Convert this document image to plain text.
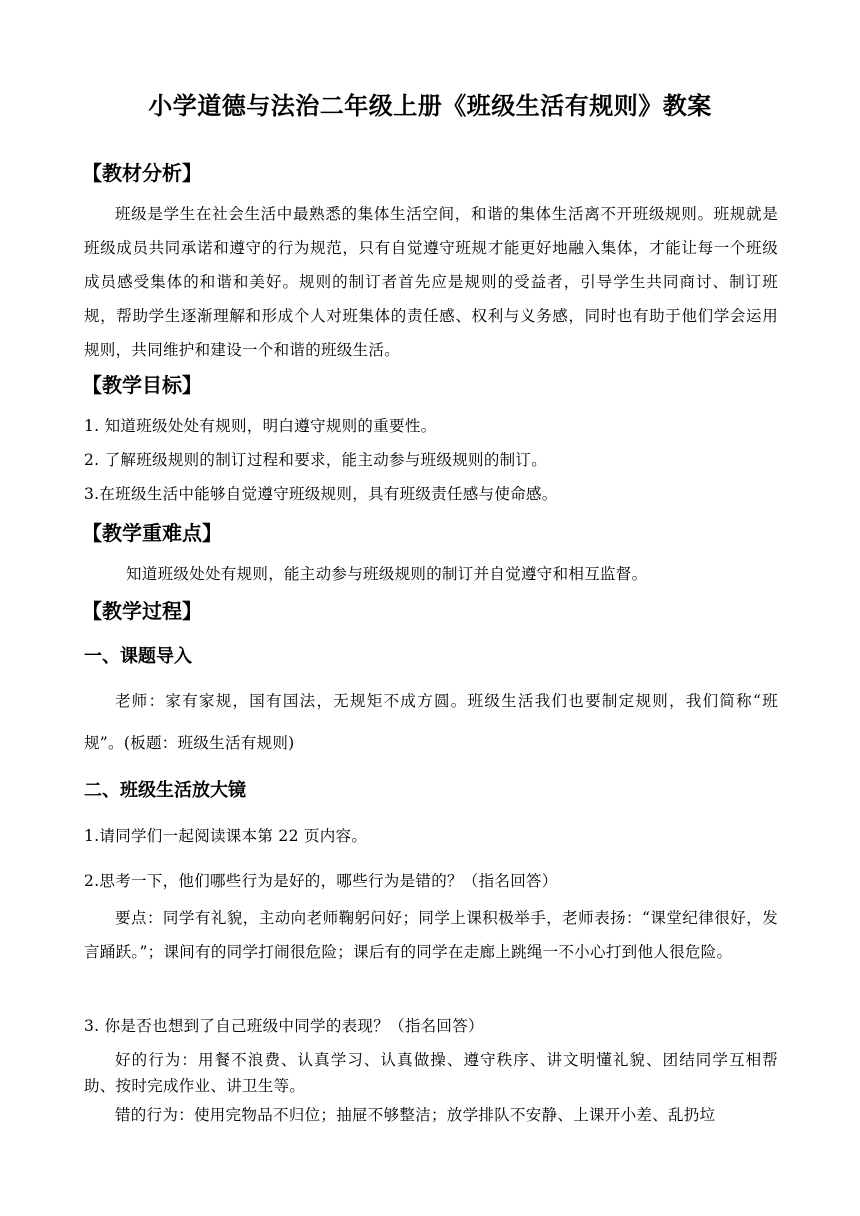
小学道德与法治二年级上册《班级生活有规则》教案
【教材分析】
班级是学生在社会生活中最熟悉的集体生活空间，和谐的集体生活离不开班级规则。班规就是班级成员共同承诺和遵守的行为规范，只有自觉遵守班规才能更好地融入集体，才能让每一个班级成员感受集体的和谐和美好。规则的制订者首先应是规则的受益者，引导学生共同商讨、制订班规，帮助学生逐渐理解和形成个人对班集体的责任感、权利与义务感，同时也有助于他们学会运用规则，共同维护和建设一个和谐的班级生活。
【教学目标】
1. 知道班级处处有规则，明白遵守规则的重要性。
2. 了解班级规则的制订过程和要求，能主动参与班级规则的制订。
3.在班级生活中能够自觉遵守班级规则，具有班级责任感与使命感。
【教学重难点】
知道班级处处有规则，能主动参与班级规则的制订并自觉遵守和相互监督。
【教学过程】
一、课题导入
老师：家有家规，国有国法，无规矩不成方圆。班级生活我们也要制定规则，我们简称“班规”。(板题：班级生活有规则)
二、班级生活放大镜
1.请同学们一起阅读课本第 22 页内容。
2.思考一下，他们哪些行为是好的，哪些行为是错的？（指名回答）
要点：同学有礼貌，主动向老师鞠躬问好；同学上课积极举手，老师表扬：“课堂纪律很好，发言踊跃。”；课间有的同学打闹很危险；课后有的同学在走廊上跳绳一不小心打到他人很危险。
3. 你是否也想到了自己班级中同学的表现？（指名回答）
好的行为：用餐不浪费、认真学习、认真做操、遵守秩序、讲文明懂礼貌、团结同学互相帮助、按时完成作业、讲卫生等。
错的行为：使用完物品不归位；抽屉不够整洁；放学排队不安静、上课开小差、乱扔垃
